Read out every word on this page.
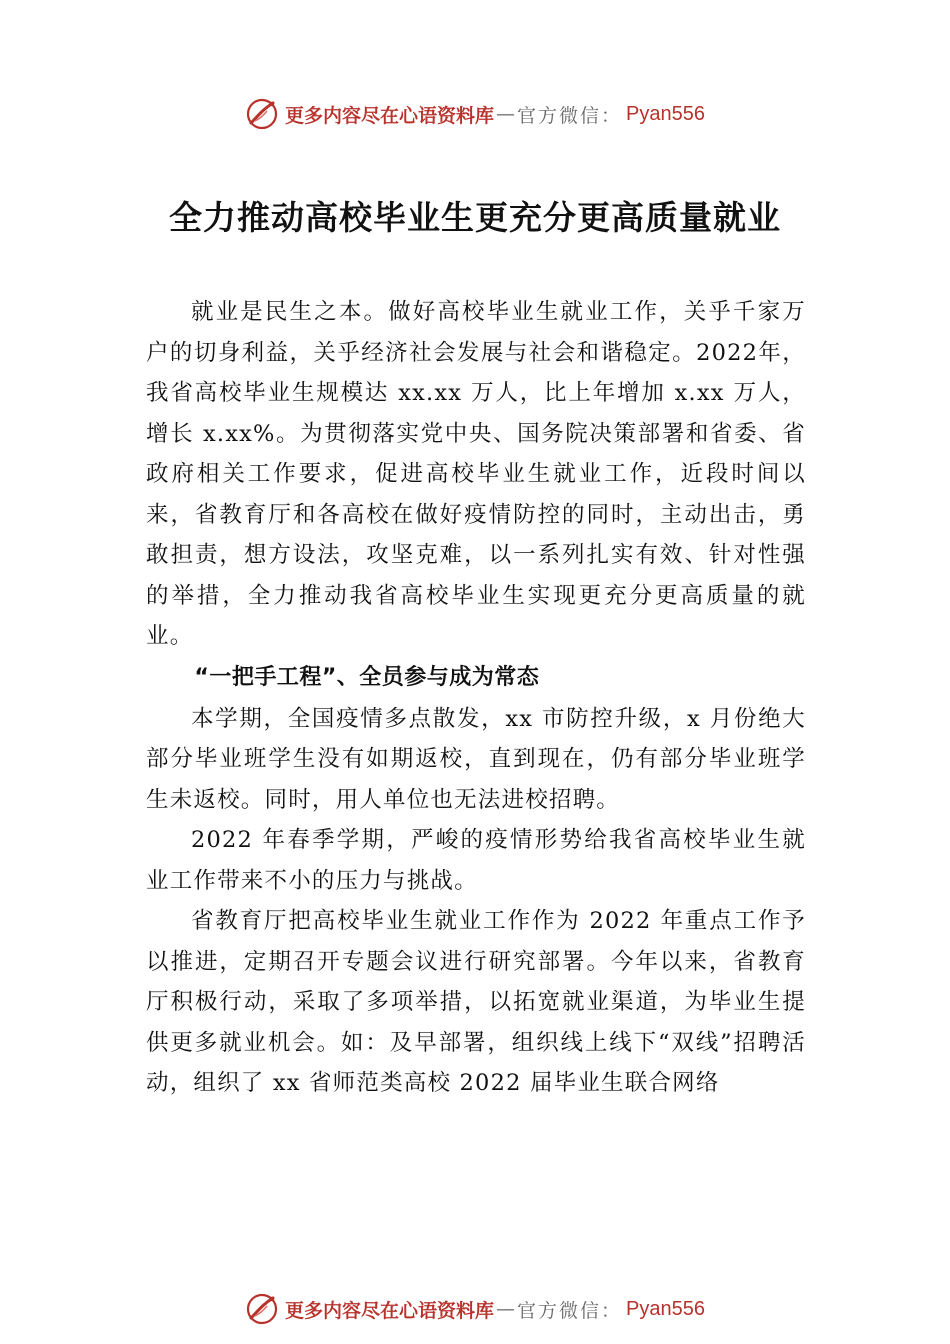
更多内容尽在心语资料库 — 官方微信： Pyan556
全力推动高校毕业生更充分更高质量就业

就业是民生之本。做好高校毕业生就业工作，关乎千家万户的切身利益，关乎经济社会发展与社会和谐稳定。2022年，我省高校毕业生规模达 xx.xx 万人，比上年增加 x.xx 万人，增长 x.xx%。为贯彻落实党中央、国务院决策部署和省委、省政府相关工作要求，促进高校毕业生就业工作，近段时间以来，省教育厅和各高校在做好疫情防控的同时，主动出击，勇敢担责，想方设法，攻坚克难，以一系列扎实有效、针对性强的举措，全力推动我省高校毕业生实现更充分更高质量的就业。

“一把手工程”、全员参与成为常态

本学期，全国疫情多点散发，xx 市防控升级，x 月份绝大部分毕业班学生没有如期返校，直到现在，仍有部分毕业班学生未返校。同时，用人单位也无法进校招聘。

2022 年春季学期，严峻的疫情形势给我省高校毕业生就业工作带来不小的压力与挑战。

省教育厅把高校毕业生就业工作作为 2022 年重点工作予以推进，定期召开专题会议进行研究部署。今年以来，省教育厅积极行动，采取了多项举措，以拓宽就业渠道，为毕业生提供更多就业机会。如：及早部署，组织线上线下“双线”招聘活动，组织了 xx 省师范类高校 2022 届毕业生联合网络

更多内容尽在心语资料库 — 官方微信： Pyan556
